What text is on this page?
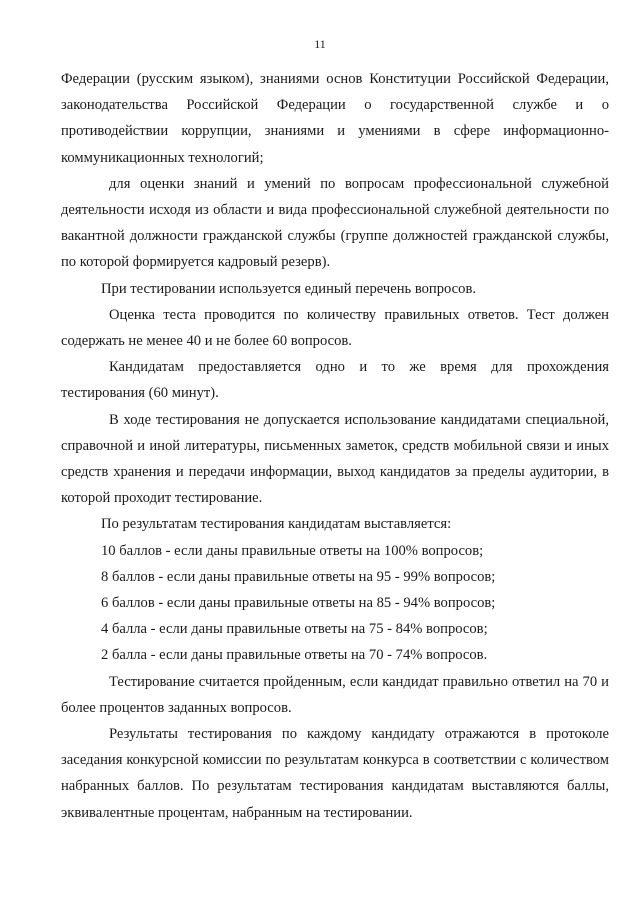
11

Федерации (русским языком), знаниями основ Конституции Российской Федерации, законодательства Российской Федерации о государственной службе и о противодействии коррупции, знаниями и умениями в сфере информационно-коммуникационных технологий;

для оценки знаний и умений по вопросам профессиональной служебной деятельности исходя из области и вида профессиональной служебной деятельности по вакантной должности гражданской службы (группе должностей гражданской службы, по которой формируется кадровый резерв).

При тестировании используется единый перечень вопросов.

Оценка теста проводится по количеству правильных ответов. Тест должен содержать не менее 40 и не более 60 вопросов.

Кандидатам предоставляется одно и то же время для прохождения тестирования (60 минут).

В ходе тестирования не допускается использование кандидатами специальной, справочной и иной литературы, письменных заметок, средств мобильной связи и иных средств хранения и передачи информации, выход кандидатов за пределы аудитории, в которой проходит тестирование.

По результатам тестирования кандидатам выставляется:

10 баллов - если даны правильные ответы на 100% вопросов;

8 баллов - если даны правильные ответы на 95 - 99% вопросов;

6 баллов - если даны правильные ответы на 85 - 94% вопросов;

4 балла - если даны правильные ответы на 75 - 84% вопросов;

2 балла - если даны правильные ответы на 70 - 74% вопросов.

Тестирование считается пройденным, если кандидат правильно ответил на 70 и более процентов заданных вопросов.

Результаты тестирования по каждому кандидату отражаются в протоколе заседания конкурсной комиссии по результатам конкурса в соответствии с количеством набранных баллов. По результатам тестирования кандидатам выставляются баллы, эквивалентные процентам, набранным на тестировании.
